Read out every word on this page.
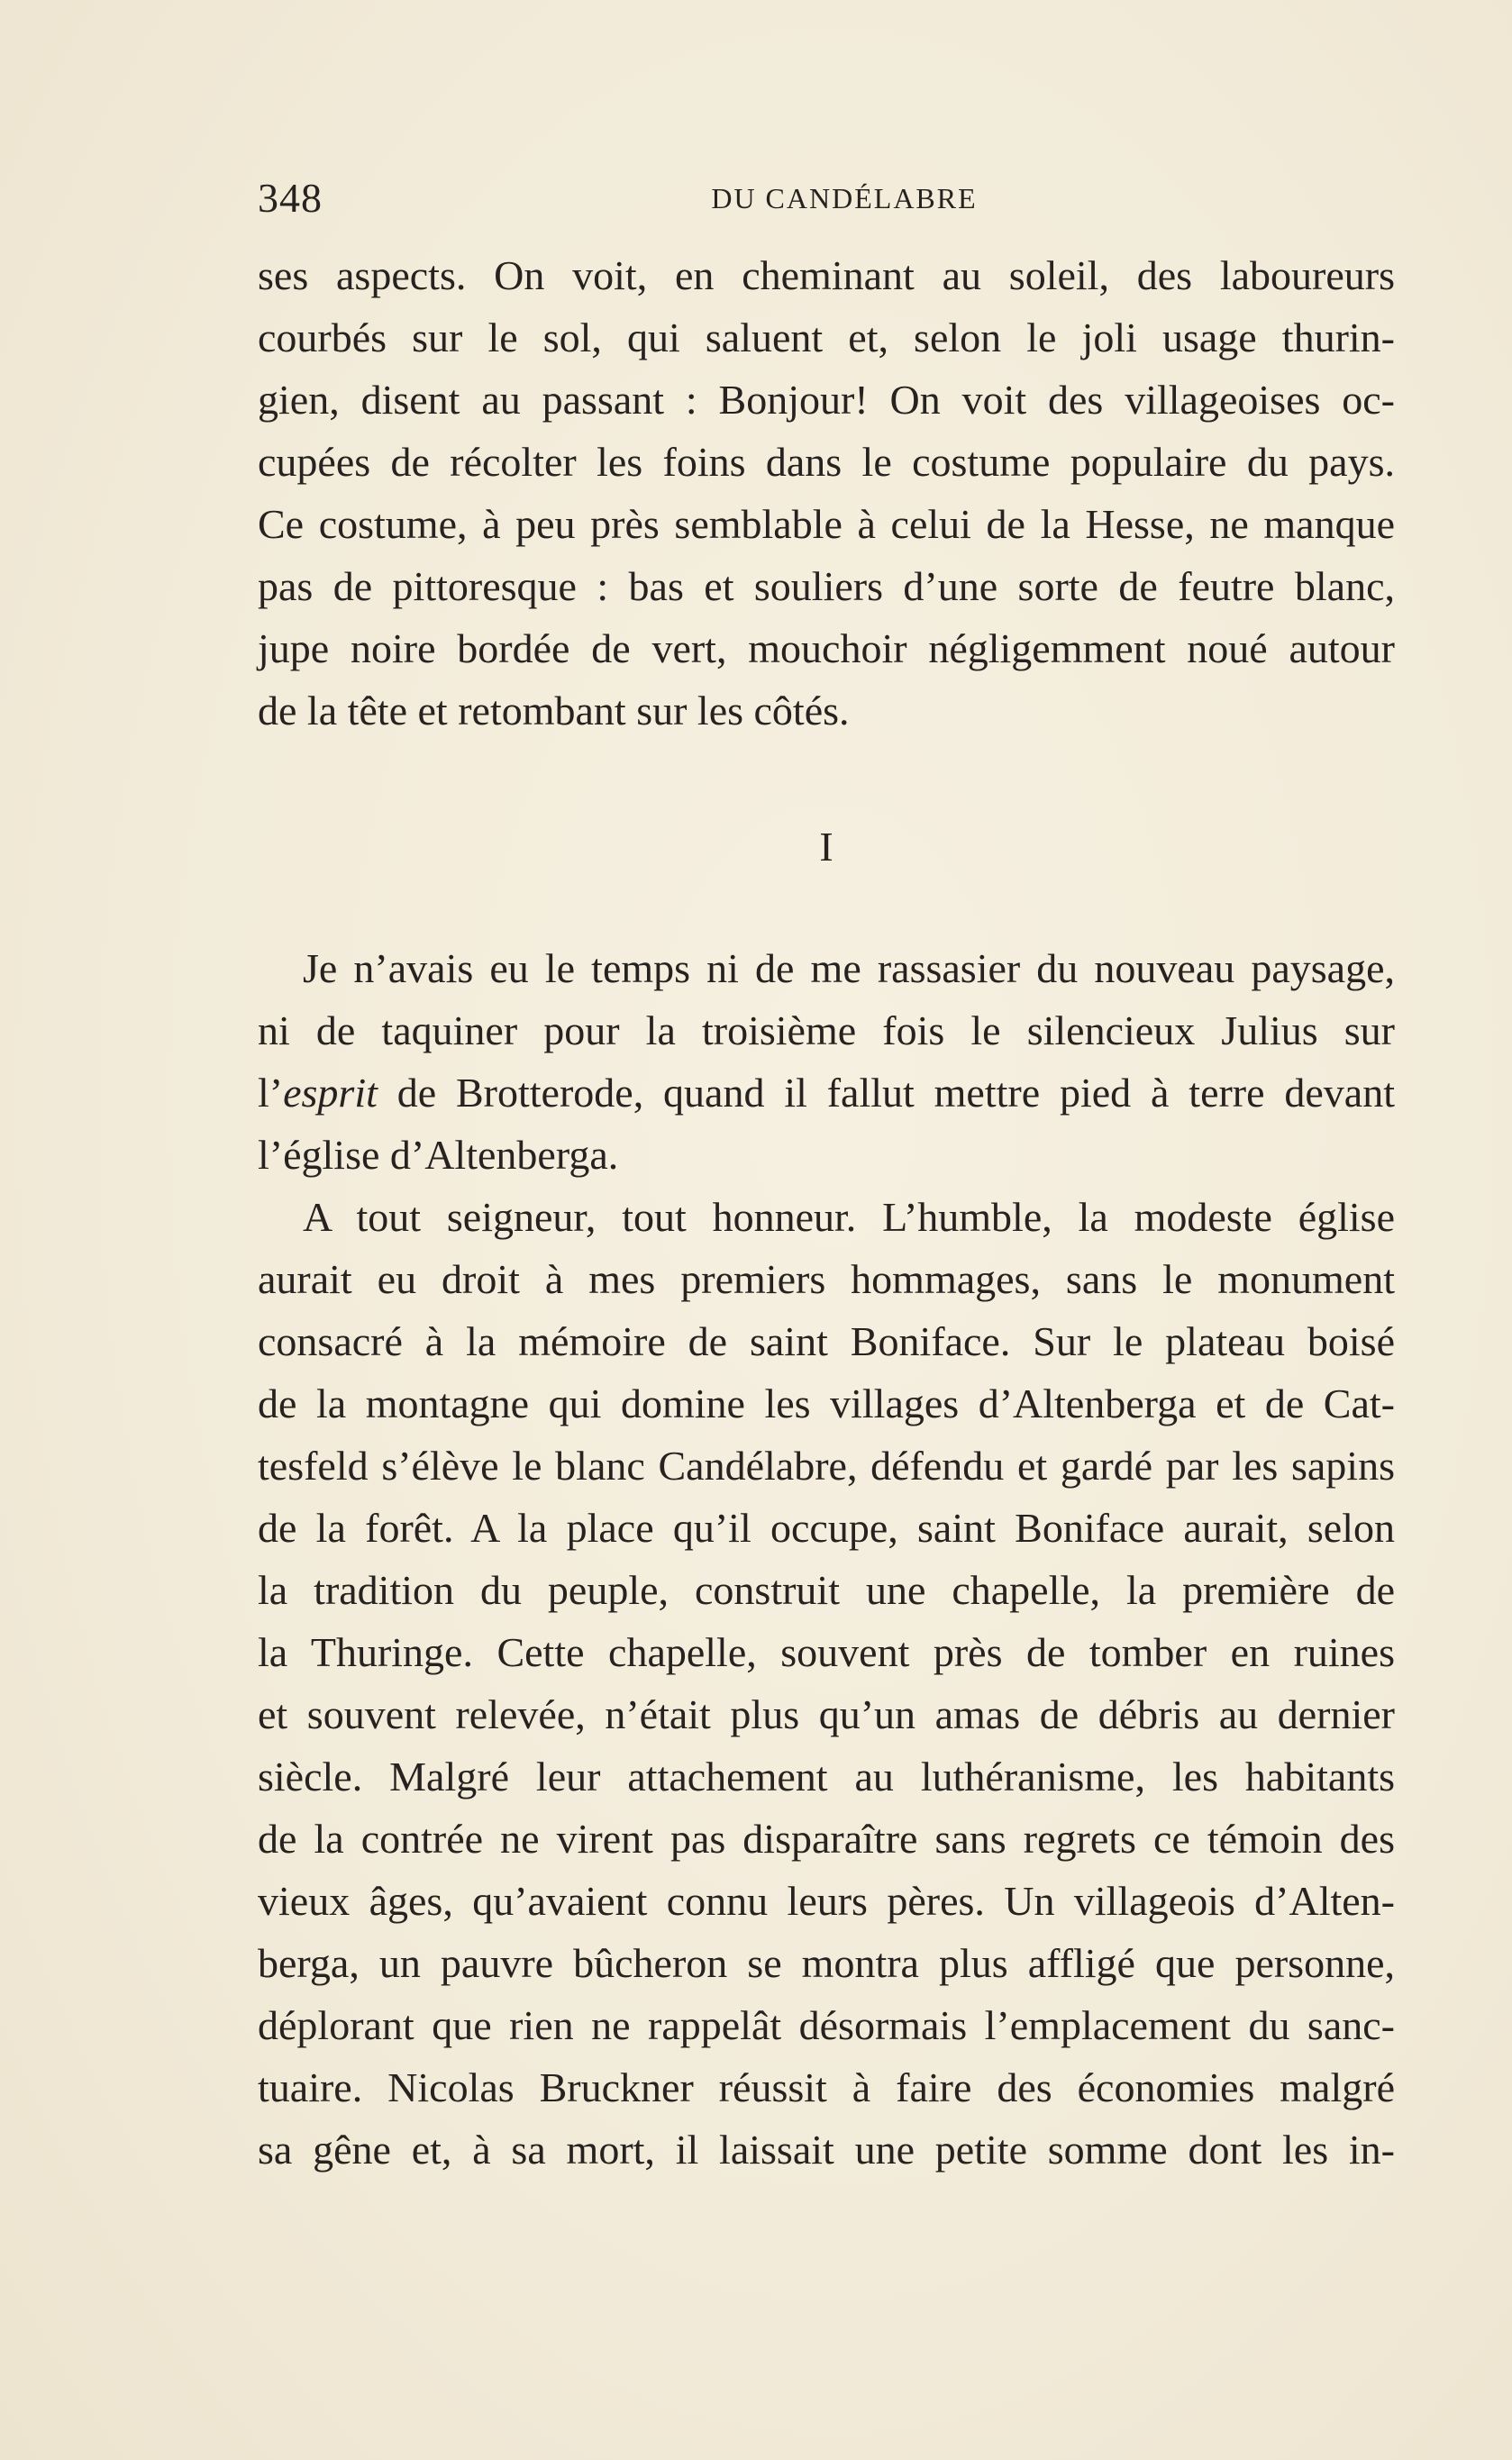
348	DU CANDÉLABRE
ses aspects. On voit, en cheminant au soleil, des laboureurs
courbés sur le sol, qui saluent et, selon le joli usage thurin-
gien, disent au passant : Bonjour! On voit des villageoises oc-
cupées de récolter les foins dans le costume populaire du pays.
Ce costume, à peu près semblable à celui de la Hesse, ne manque
pas de pittoresque : bas et souliers d’une sorte de feutre blanc,
jupe noire bordée de vert, mouchoir négligemment noué autour
de la tête et retombant sur les côtés.
I
Je n’avais eu le temps ni de me rassasier du nouveau paysage,
ni de taquiner pour la troisième fois le silencieux Julius sur
l’esprit de Brotterode, quand il fallut mettre pied à terre devant
l’église d’Altenberga.
A tout seigneur, tout honneur. L’humble, la modeste église
aurait eu droit à mes premiers hommages, sans le monument
consacré à la mémoire de saint Boniface. Sur le plateau boisé
de la montagne qui domine les villages d’Altenberga et de Cat-
tesfeld s’élève le blanc Candélabre, défendu et gardé par les sapins
de la forêt. A la place qu’il occupe, saint Boniface aurait, selon
la tradition du peuple, construit une chapelle, la première de
la Thuringe. Cette chapelle, souvent près de tomber en ruines
et souvent relevée, n’était plus qu’un amas de débris au dernier
siècle. Malgré leur attachement au luthéranisme, les habitants
de la contrée ne virent pas disparaître sans regrets ce témoin des
vieux âges, qu’avaient connu leurs pères. Un villageois d’Alten-
berga, un pauvre bûcheron se montra plus affligé que personne,
déplorant que rien ne rappelât désormais l’emplacement du sanc-
tuaire. Nicolas Bruckner réussit à faire des économies malgré
sa gêne et, à sa mort, il laissait une petite somme dont les in-
